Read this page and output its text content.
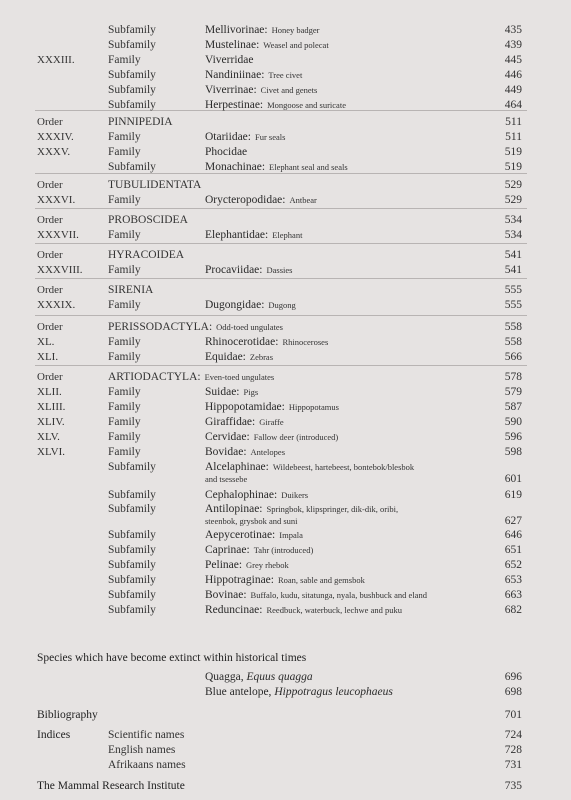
Subfamily	Mellivorinae: Honey badger	435
Subfamily	Mustelinae: Weasel and polecat	439
XXXIII.	Family	Viverridae	445
Subfamily	Nandiniinae: Tree civet	446
Subfamily	Viverrinae: Civet and genets	449
Subfamily	Herpestinae: Mongoose and suricate	464
Order	PINNIPEDIA	511
XXXIV.	Family	Otariidae: Fur seals	511
XXXV.	Family	Phocidae	519
Subfamily	Monachinae: Elephant seal and seals	519
Order	TUBULIDENTATA	529
XXXVI.	Family	Orycteropodidae: Antbear	529
Order	PROBOSCIDEA	534
XXXVII.	Family	Elephantidae: Elephant	534
Order	HYRACOIDEA	541
XXXVIII. Family	Procaviidae: Dassies	541
Order	SIRENIA	555
XXXIX.	Family	Dugongidae: Dugong	555
Order	PERISSODACTYLA: Odd-toed ungulates	558
XL.	Family	Rhinocerotidae: Rhinoceroses	558
XLI.	Family	Equidae: Zebras	566
Order	ARTIODACTYLA: Even-toed ungulates	578
XLII.	Family	Suidae: Pigs	579
XLIII.	Family	Hippopotamidae: Hippopotamus	587
XLIV.	Family	Giraffidae: Giraffe	590
XLV.	Family	Cervidae: Fallow deer (introduced)	596
XLVI.	Family	Bovidae: Antelopes	598
Subfamily	Alcelaphinae: Wildebeest, hartebeest, bontebok/blesbok
and tsessebe	601
Subfamily	Cephalophinae: Duikers	619
Subfamily	Antilopinae: Springbok, klipspringer, dik-dik, oribi,
steenbok, grysbok and suni	627
Subfamily	Aepycerotinae: Impala	646
Subfamily	Caprinae: Tahr (introduced)	651
Subfamily	Pelinae: Grey rhebok	652
Subfamily	Hippotraginae: Roan, sable and gemsbok	653
Subfamily	Bovinae: Buffalo, kudu, sitatunga, nyala, bushbuck and eland	663
Subfamily	Reduncinae: Reedbuck, waterbuck, lechwe and puku	682
Species which have become extinct within historical times
Quagga, Equus quagga	696
Blue antelope, Hippotragus leucophaeus	698
Bibliography	701
Indices	Scientific names	724
English names	728
Afrikaans names	731
The Mammal Research Institute	735
